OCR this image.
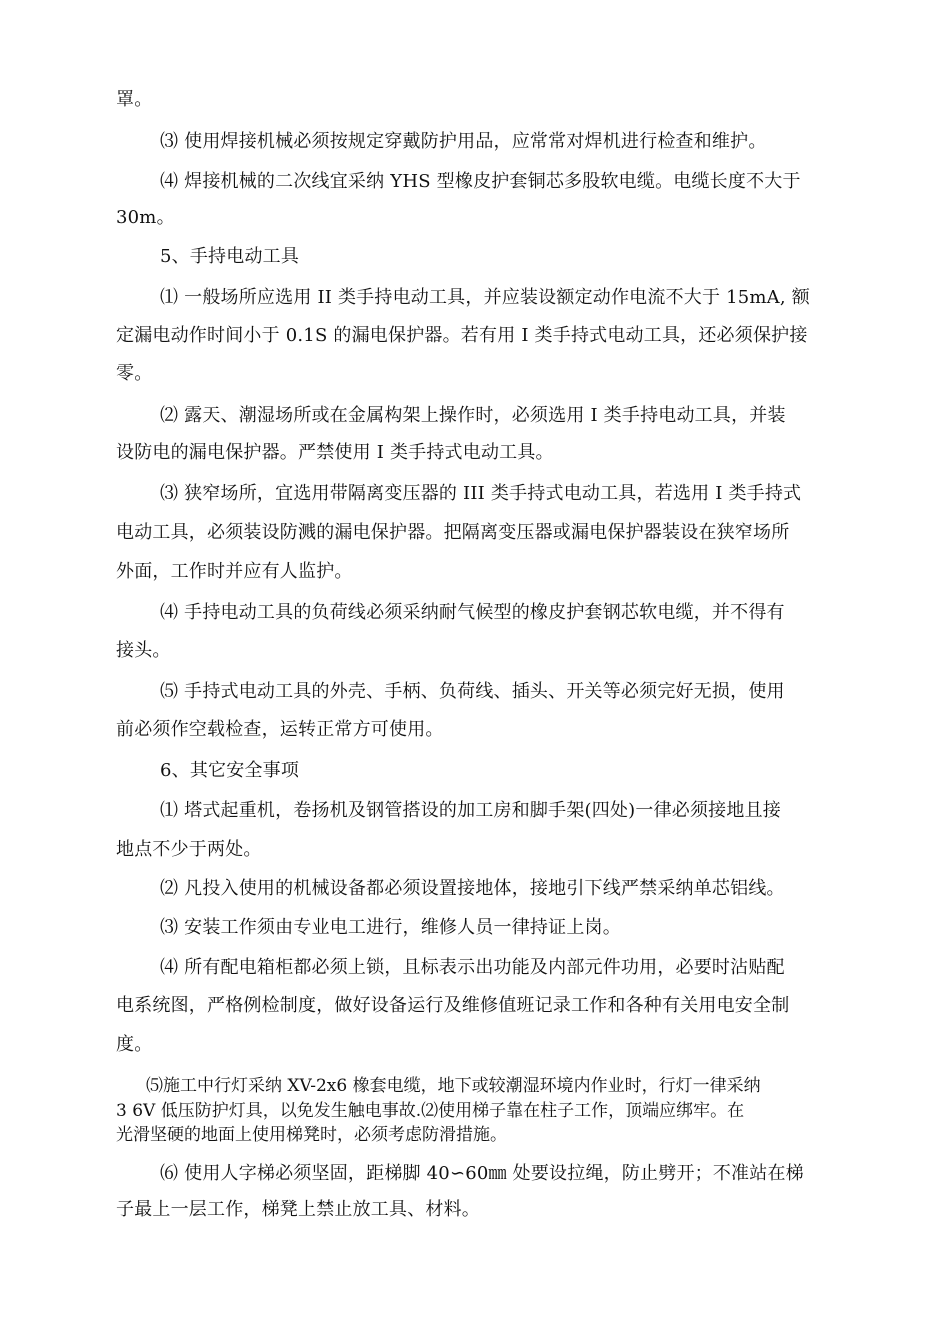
罩。
⑶ 使用焊接机械必须按规定穿戴防护用品，应常常对焊机进行检查和维护。
⑷ 焊接机械的二次线宜采纳 YHS 型橡皮护套铜芯多股软电缆。电缆长度不大于
30m。
5、手持电动工具
⑴ 一般场所应选用 II 类手持电动工具，并应装设额定动作电流不大于 15mA, 额
定漏电动作时间小于 0.1S 的漏电保护器。若有用 I 类手持式电动工具，还必须保护接
零。
⑵ 露天、潮湿场所或在金属构架上操作时，必须选用 I 类手持电动工具，并装
设防电的漏电保护器。严禁使用 I 类手持式电动工具。
⑶ 狭窄场所，宜选用带隔离变压器的 III 类手持式电动工具，若选用 I 类手持式
电动工具，必须装设防溅的漏电保护器。把隔离变压器或漏电保护器装设在狭窄场所
外面，工作时并应有人监护。
⑷ 手持电动工具的负荷线必须采纳耐气候型的橡皮护套钢芯软电缆，并不得有
接头。
⑸ 手持式电动工具的外壳、手柄、负荷线、插头、开关等必须完好无损，使用
前必须作空载检查，运转正常方可使用。
6、其它安全事项
⑴ 塔式起重机，卷扬机及钢管搭设的加工房和脚手架(四处)一律必须接地且接
地点不少于两处。
⑵ 凡投入使用的机械设备都必须设置接地体，接地引下线严禁采纳单芯铝线。
⑶ 安装工作须由专业电工进行，维修人员一律持证上岗。
⑷ 所有配电箱柜都必须上锁，且标表示出功能及内部元件功用，必要时沾贴配
电系统图，严格例检制度，做好设备运行及维修值班记录工作和各种有关用电安全制
度。
⑸施工中行灯采纳 XV-2x6 橡套电缆，地下或较潮湿环境内作业时，行灯一律采纳
3 6V 低压防护灯具，以免发生触电事故.⑵使用梯子靠在柱子工作，顶端应绑牢。在
光滑坚硬的地面上使用梯凳时，必须考虑防滑措施。
⑹ 使用人字梯必须坚固，距梯脚 40∽60㎜ 处要设拉绳，防止劈开；不准站在梯
子最上一层工作，梯凳上禁止放工具、材料。
